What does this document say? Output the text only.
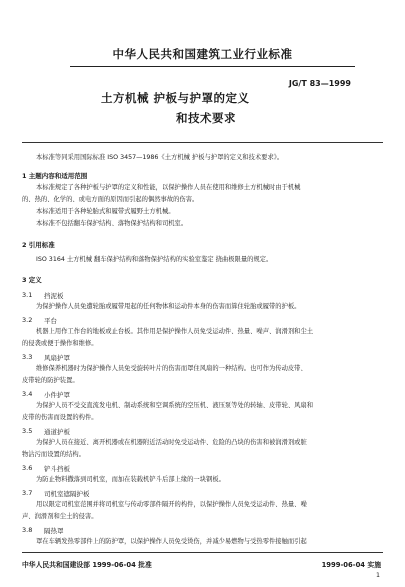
中华人民共和国建筑工业行业标准
JG/T 83—1999
土方机械 护板与护罩的定义
和技术要求
本标准等同采用国际标准 ISO 3457—1986《土方机械 护板与护罩的定义和技术要求》。
1 主题内容和适用范围
本标准规定了各种护板与护罩的定义和性能，以保护操作人员在使用和维修土方机械时由于机械
的、热的、化学的、或电方面的原因而引起的偶然事故的伤害。
本标准适用于各种轮胎式和履带式履野土方机械。
本标准不包括翻车保护结构、落物保护结构和司机室。
2 引用标准
ISO 3164 土方机械 翻车保护结构和落物保护结构的实验室鉴定 挠曲极限量的规定。
3 定义
3.1 挡泥板
为保护操作人员免遭轮胎或履带甩起的任何物体和运动件本身的伤害而算住轮胎或履带的护板。
3.2 平台
机器上用作工作台的地板或止台板。其作用是保护操作人员免受运动件、热量、噪声、润滑剂和尘土
的侵袭或便于操作和维修。
3.3 风扇护罩
维修保养机器时为保护操作人员免受旋转叶片的伤害而罩住风扇的一种结构。也可作为传动皮带、
皮带轮的防护装置。
3.4 小件护罩
为保护人员不受交直流发电机、制动系统和空调系统的空压机、液压泵等处的转轴、皮带轮、风扇和
皮带的伤害而设置的构件。
3.5 通道护板
为保护人员在接近、离开机器或在机器附近活动时免受运动件、危险的凸块的伤害和被润滑剂或脏
物沾污而设置的结构。
3.6 铲斗挡板
为防止物料撒落到司机室，而加在装载机铲斗后部上缘的一块钢板。
3.7 司机室遮隔护板
用以限定司机室范围并将司机室与传动零部件隔开的构件，以保护操作人员免受运动件、热量、噪
声、润滑剂和尘土的侵害。
3.8 隔热罩
罩在车辆发热零部件上的防护罩，以保护操作人员免受烫伤，并减少易燃物与受热零件接触而引起
中华人民共和国建设部 1999-06-04 批准	1999-06-04 实施
1
